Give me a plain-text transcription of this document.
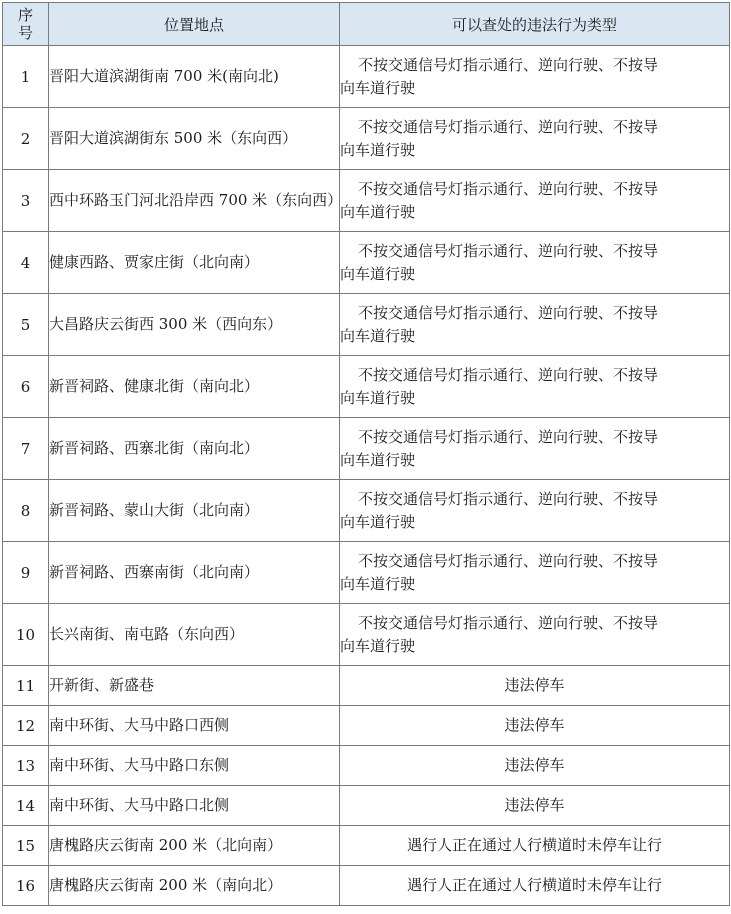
序
号	位置地点	可以查处的违法行为类型
1	晋阳大道滨湖街南 700 米(南向北)	不按交通信号灯指示通行、逆向行驶、不按导
向车道行驶
2	晋阳大道滨湖街东 500 米（东向西）	不按交通信号灯指示通行、逆向行驶、不按导
向车道行驶
3	西中环路玉门河北沿岸西 700 米（东向西）	不按交通信号灯指示通行、逆向行驶、不按导
向车道行驶
4	健康西路、贾家庄街（北向南）	不按交通信号灯指示通行、逆向行驶、不按导
向车道行驶
5	大昌路庆云街西 300 米（西向东）	不按交通信号灯指示通行、逆向行驶、不按导
向车道行驶
6	新晋祠路、健康北街（南向北）	不按交通信号灯指示通行、逆向行驶、不按导
向车道行驶
7	新晋祠路、西寨北街（南向北）	不按交通信号灯指示通行、逆向行驶、不按导
向车道行驶
8	新晋祠路、蒙山大街（北向南）	不按交通信号灯指示通行、逆向行驶、不按导
向车道行驶
9	新晋祠路、西寨南街（北向南）	不按交通信号灯指示通行、逆向行驶、不按导
向车道行驶
10	长兴南街、南屯路（东向西）	不按交通信号灯指示通行、逆向行驶、不按导
向车道行驶
11	开新街、新盛巷	违法停车
12	南中环街、大马中路口西侧	违法停车
13	南中环街、大马中路口东侧	违法停车
14	南中环街、大马中路口北侧	违法停车
15	唐槐路庆云街南 200 米（北向南）	遇行人正在通过人行横道时未停车让行
16	唐槐路庆云街南 200 米（南向北）	遇行人正在通过人行横道时未停车让行
